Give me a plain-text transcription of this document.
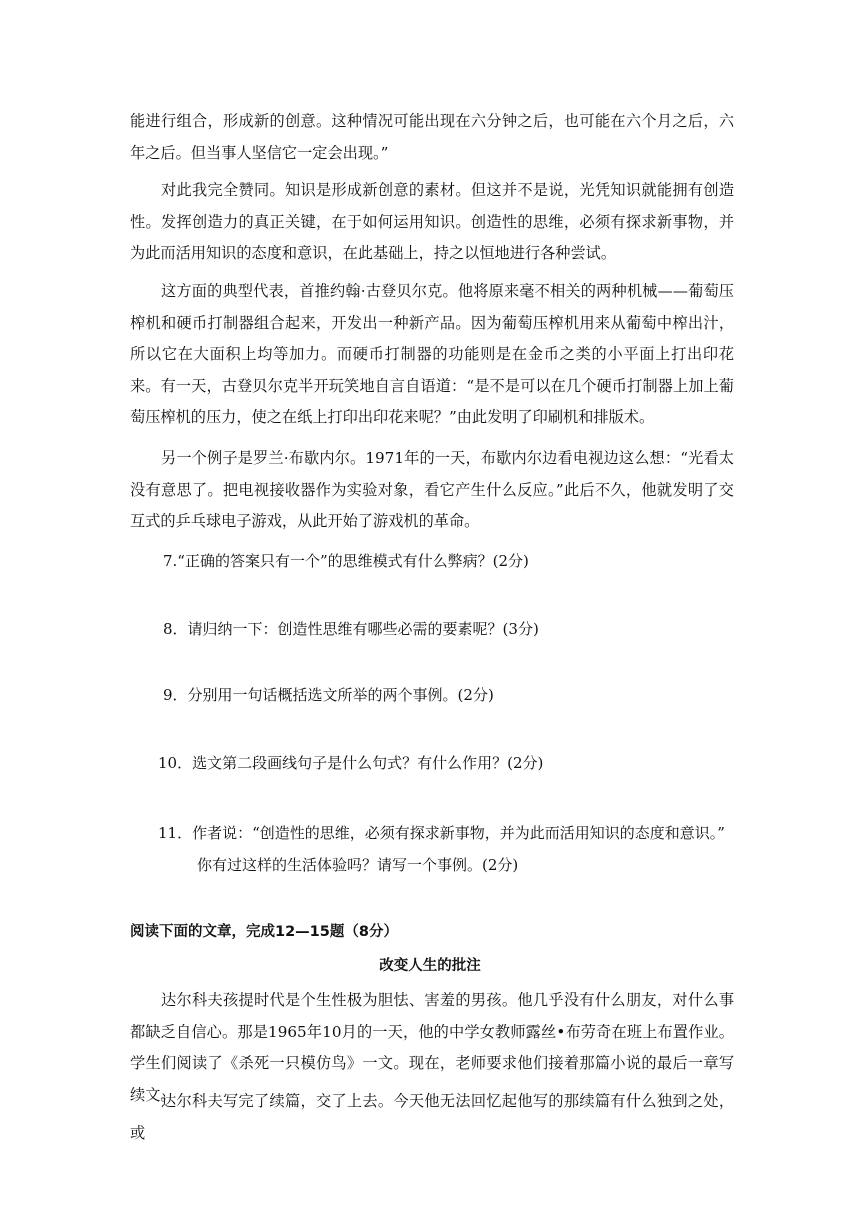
能进行组合，形成新的创意。这种情况可能出现在六分钟之后，也可能在六个月之后，六年之后。但当事人坚信它一定会出现。”

对此我完全赞同。知识是形成新创意的素材。但这并不是说，光凭知识就能拥有创造性。发挥创造力的真正关键，在于如何运用知识。创造性的思维，必须有探求新事物，并为此而活用知识的态度和意识，在此基础上，持之以恒地进行各种尝试。

这方面的典型代表，首推约翰·古登贝尔克。他将原来毫不相关的两种机械——葡萄压榨机和硬币打制器组合起来，开发出一种新产品。因为葡萄压榨机用来从葡萄中榨出汁，所以它在大面积上均等加力。而硬币打制器的功能则是在金币之类的小平面上打出印花来。有一天，古登贝尔克半开玩笑地自言自语道：“是不是可以在几个硬币打制器上加上葡萄压榨机的压力，使之在纸上打印出印花来呢？”由此发明了印刷机和排版术。

另一个例子是罗兰·布歇内尔。1971年的一天，布歇内尔边看电视边这么想：“光看太没有意思了。把电视接收器作为实验对象，看它产生什么反应。”此后不久，他就发明了交互式的乒乓球电子游戏，从此开始了游戏机的革命。

7.“正确的答案只有一个”的思维模式有什么弊病？(2分)

8．请归纳一下：创造性思维有哪些必需的要素呢？(3分)

9．分别用一句话概括选文所举的两个事例。(2分)

10．选文第二段画线句子是什么句式？有什么作用？(2分)

11．作者说：“创造性的思维，必须有探求新事物，并为此而活用知识的态度和意识。”

你有过这样的生活体验吗？请写一个事例。(2分)

阅读下面的文章，完成12—15题（8分）

改变人生的批注

达尔科夫孩提时代是个生性极为胆怯、害羞的男孩。他几乎没有什么朋友，对什么事都缺乏自信心。那是1965年10月的一天，他的中学女教师露丝•布劳奇在班上布置作业。学生们阅读了《杀死一只模仿鸟》一文。现在，老师要求他们接着那篇小说的最后一章写续文。

达尔科夫写完了续篇，交了上去。今天他无法回忆起他写的那续篇有什么独到之处，或
